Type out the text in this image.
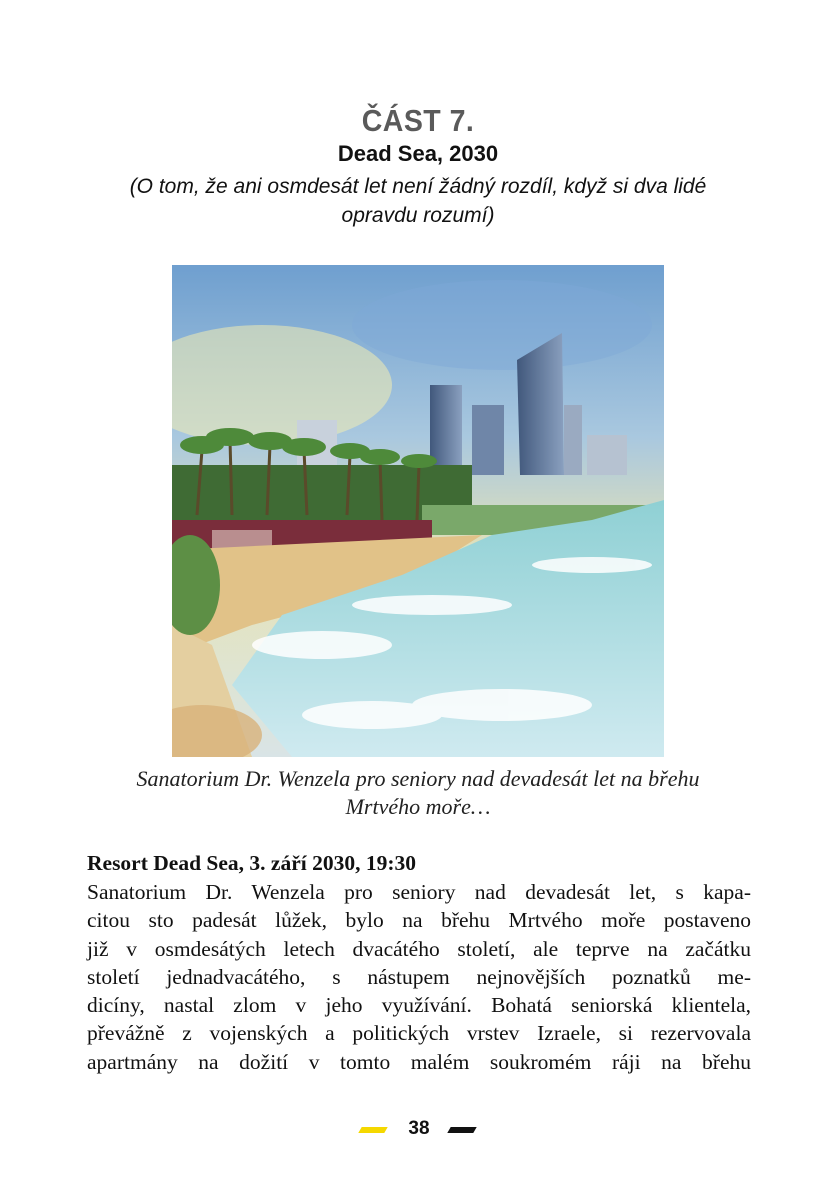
ČÁST 7.
Dead Sea, 2030
(O tom, že ani osmdesát let není žádný rozdíl, když si dva lidé opravdu rozumí)
Sanatorium Dr. Wenzela pro seniory nad devadesát let na břehu Mrtvého moře…
Resort Dead Sea, 3. září 2030, 19:30
Sanatorium Dr. Wenzela pro seniory nad devadesát let, s kapa-
citou sto padesát lůžek, bylo na břehu Mrtvého moře postaveno
již v osmdesátých letech dvacátého století, ale teprve na začátku
století jednadvacátého, s nástupem nejnovějších poznatků me-
dicíny, nastal zlom v jeho využívání. Bohatá seniorská klientela,
převážně z vojenských a politických vrstev Izraele, si rezervovala
apartmány na dožití v tomto malém soukromém ráji na břehu
38
